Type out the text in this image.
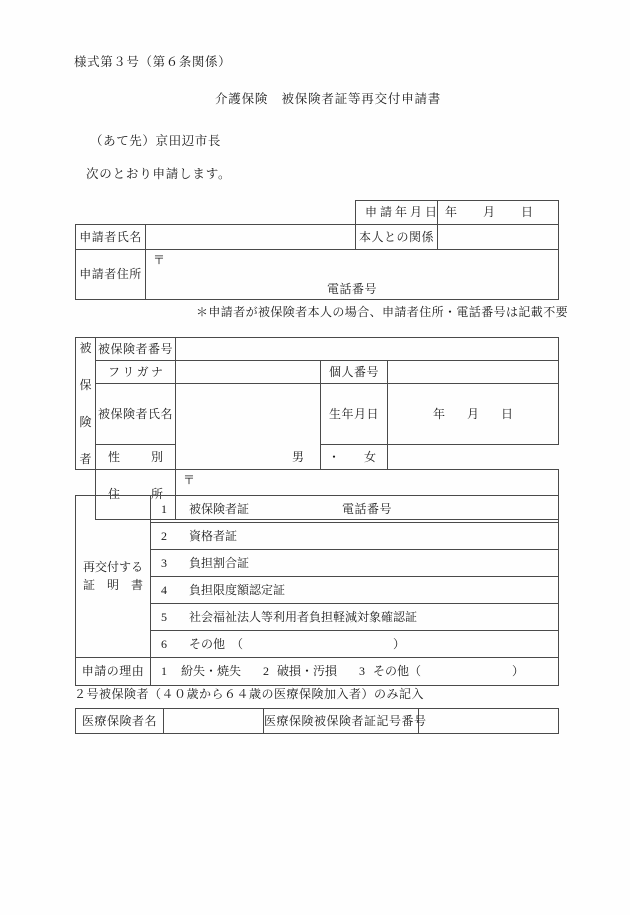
様式第３号（第６条関係）
介護保険　被保険者証等再交付申請書
（あて先）京田辺市長
次のとおり申請します。

申 請 年 月 日	年 月 日

申請者氏名		本人との関係	
申請者住所	〒
電話番号		
＊申請者が被保険者本人の場合、申請者住所・電話番号は記載不要
被
保
険
者	被保険者番号			

	フ リ ガ ナ		個人番号	

	被保険者氏名		生年月日	年 月 日

	性 別		男 ・ 女	

	住 所	〒
電話番号		
再交付する
証　明　書

1	被保険者証

	2 資格者証

	3 負担割合証

	4 負担限度額認定証

	5 社会福祉法人等利用者負担軽減対象確認証

	6 その他　（ ）

申請の理由	1 紛失・焼失 2 破損・汚損 3 その他（	）
２号被保険者（４０歳から６４歳の医療保険加入者）のみ記入
医療保険者名		医療保険被保険者証記号番号	
